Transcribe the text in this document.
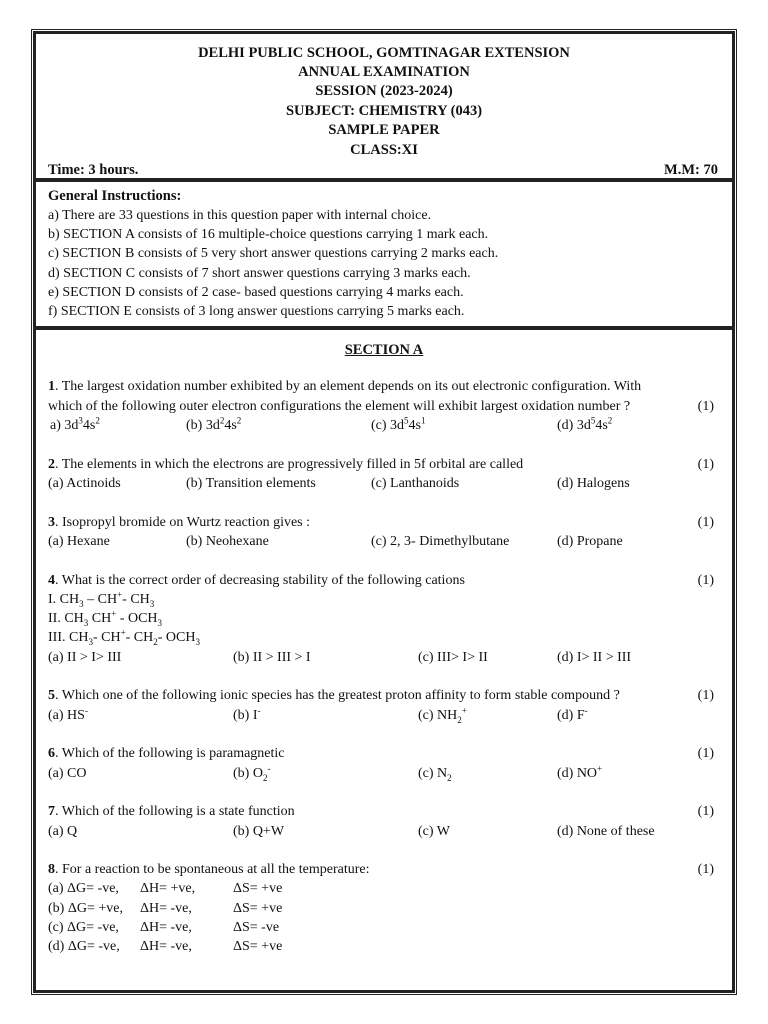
DELHI PUBLIC SCHOOL, GOMTINAGAR EXTENSION
ANNUAL EXAMINATION
SESSION (2023-2024)
SUBJECT: CHEMISTRY (043)
SAMPLE PAPER
CLASS:XI
Time: 3 hours.	M.M: 70
General Instructions:
a) There are 33 questions in this question paper with internal choice.
b) SECTION A consists of 16 multiple-choice questions carrying 1 mark each.
c) SECTION B consists of 5 very short answer questions carrying 2 marks each.
d) SECTION C consists of 7 short answer questions carrying 3 marks each.
e) SECTION D consists of 2 case- based questions carrying 4 marks each.
f) SECTION E consists of 3 long answer questions carrying 5 marks each.
SECTION A
1. The largest oxidation number exhibited by an element depends on its out electronic configuration. With
which of the following outer electron configurations the element will exhibit largest oxidation number ?	(1)
a) $3d^34s^2$	(b) $3d^24s^2$	(c) $3d^54s^1$	(d) $3d^54s^2$
2. The elements in which the electrons are progressively filled in 5f orbital are called	(1)
(a) Actinoids	(b) Transition elements	(c) Lanthanoids	(d) Halogens
3. Isopropyl bromide on Wurtz reaction gives :	(1)
(a) Hexane	(b) Neohexane	(c) 2, 3- Dimethylbutane	(d) Propane
4. What is the correct order of decreasing stability of the following cations	(1)
I. $CH_3 - CH^+-$ $CH_3$
II. $CH_3$ $CH^+ - OCH_3$
III. $CH_3-$ CH+- $CH_2-$ $OCH_3$
(a) II > I> III	(b) II > III > I	(c) III> I> II	(d) I> II > III
5. Which one of the following ionic species has the greatest proton affinity to form stable compound ?	(1)
(a) HS-	(b) I-	(c) $NH_2^+$	(d) F-
6. Which of the following is paramagnetic	(1)
(a) CO	(b) $O_2^-$	(c) $N_2$	(d) NO+
7. Which of the following is a state function	(1)
(a) Q	(b) Q+W	(c) W	(d) None of these
8. For a reaction to be spontaneous at all the temperature:	(1)
(a) ΔG= -ve, ΔH= +ve,	ΔS= +ve
(b) ΔG= +ve, ΔH= -ve,	ΔS= +ve
(c) ΔG= -ve, ΔH= -ve,	ΔS= -ve
(d) ΔG= -ve, ΔH= -ve,	ΔS= +ve
